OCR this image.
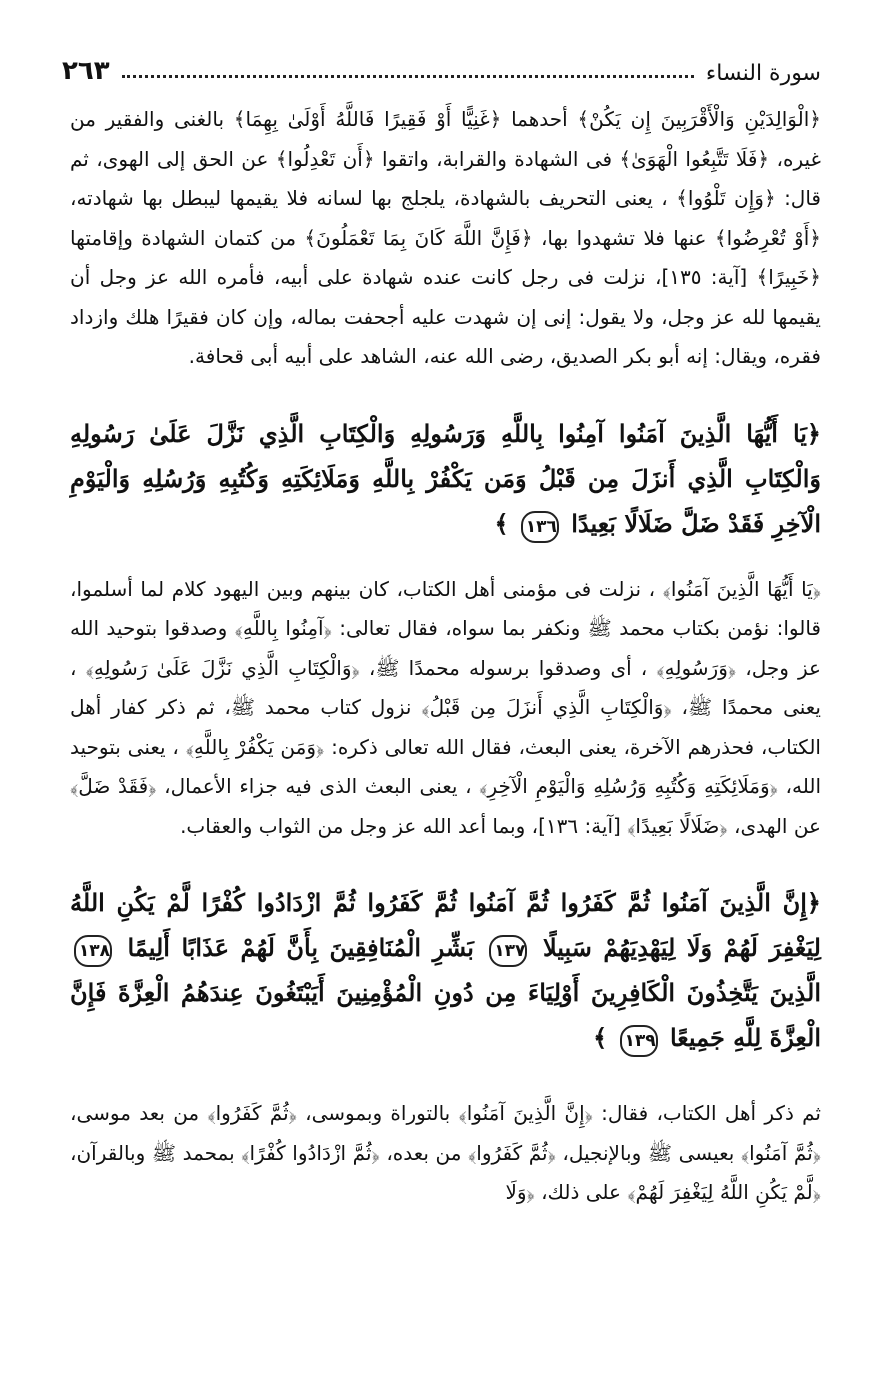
سورة النساء
٢٦٣

﴿الْوَالِدَيْنِ وَالْأَقْرَبِينَ إِن يَكُنْ﴾ أحدهما ﴿غَنِيًّا أَوْ فَقِيرًا فَاللَّهُ أَوْلَىٰ بِهِمَا﴾ بالغنى والفقير من غيره، ﴿فَلَا تَتَّبِعُوا الْهَوَىٰ﴾ فى الشهادة والقرابة، واتقوا ﴿أَن تَعْدِلُوا﴾ عن الحق إلى الهوى، ثم قال: ﴿وَإِن تَلْوُوا﴾ ، يعنى التحريف بالشهادة، يلجلج بها لسانه فلا يقيمها ليبطل بها شهادته، ﴿أَوْ تُعْرِضُوا﴾ عنها فلا تشهدوا بها، ﴿فَإِنَّ اللَّهَ كَانَ بِمَا تَعْمَلُونَ﴾ من كتمان الشهادة وإقامتها ﴿خَبِيرًا﴾ [آية: ١٣٥]، نزلت فى رجل كانت عنده شهادة على أبيه، فأمره الله عز وجل أن يقيمها لله عز وجل، ولا يقول: إنى إن شهدت عليه أجحفت بماله، وإن كان فقيرًا هلك وازداد فقره، ويقال: إنه أبو بكر الصديق، رضى الله عنه، الشاهد على أبيه أبى قحافة.

﴿يَا أَيُّهَا الَّذِينَ آمَنُوا آمِنُوا بِاللَّهِ وَرَسُولِهِ وَالْكِتَابِ الَّذِي نَزَّلَ عَلَىٰ رَسُولِهِ وَالْكِتَابِ الَّذِي أَنزَلَ مِن قَبْلُ وَمَن يَكْفُرْ بِاللَّهِ وَمَلَائِكَتِهِ وَكُتُبِهِ وَرُسُلِهِ وَالْيَوْمِ الْآخِرِ فَقَدْ ضَلَّ ضَلَالًا بَعِيدًا ١٣٦ ﴾

﴿يَا أَيُّهَا الَّذِينَ آمَنُوا﴾ ، نزلت فى مؤمنى أهل الكتاب، كان بينهم وبين اليهود كلام لما أسلموا، قالوا: نؤمن بكتاب محمد ﷺ ونكفر بما سواه، فقال تعالى: ﴿آمِنُوا بِاللَّهِ﴾ وصدقوا بتوحيد الله عز وجل، ﴿وَرَسُولِهِ﴾ ، أى وصدقوا برسوله محمدًا ﷺ، ﴿وَالْكِتَابِ الَّذِي نَزَّلَ عَلَىٰ رَسُولِهِ﴾ ، يعنى محمدًا ﷺ، ﴿وَالْكِتَابِ الَّذِي أَنزَلَ مِن قَبْلُ﴾ نزول كتاب محمد ﷺ، ثم ذكر كفار أهل الكتاب، فحذرهم الآخرة، يعنى البعث، فقال الله تعالى ذكره: ﴿وَمَن يَكْفُرْ بِاللَّهِ﴾ ، يعنى بتوحيد الله، ﴿وَمَلَائِكَتِهِ وَكُتُبِهِ وَرُسُلِهِ وَالْيَوْمِ الْآخِرِ﴾ ، يعنى البعث الذى فيه جزاء الأعمال، ﴿فَقَدْ ضَلَّ﴾ عن الهدى، ﴿ضَلَالًا بَعِيدًا﴾ [آية: ١٣٦]، وبما أعد الله عز وجل من الثواب والعقاب.

﴿إِنَّ الَّذِينَ آمَنُوا ثُمَّ كَفَرُوا ثُمَّ آمَنُوا ثُمَّ كَفَرُوا ثُمَّ ازْدَادُوا كُفْرًا لَّمْ يَكُنِ اللَّهُ لِيَغْفِرَ لَهُمْ وَلَا لِيَهْدِيَهُمْ سَبِيلًا ١٣٧ بَشِّرِ الْمُنَافِقِينَ بِأَنَّ لَهُمْ عَذَابًا أَلِيمًا ١٣٨ الَّذِينَ يَتَّخِذُونَ الْكَافِرِينَ أَوْلِيَاءَ مِن دُونِ الْمُؤْمِنِينَ أَيَبْتَغُونَ عِندَهُمُ الْعِزَّةَ فَإِنَّ الْعِزَّةَ لِلَّهِ جَمِيعًا ١٣٩ ﴾

ثم ذكر أهل الكتاب، فقال: ﴿إِنَّ الَّذِينَ آمَنُوا﴾ بالتوراة وبموسى، ﴿ثُمَّ كَفَرُوا﴾ من بعد موسى، ﴿ثُمَّ آمَنُوا﴾ بعيسى ﷺ وبالإنجيل، ﴿ثُمَّ كَفَرُوا﴾ من بعده، ﴿ثُمَّ ازْدَادُوا كُفْرًا﴾ بمحمد ﷺ وبالقرآن، ﴿لَّمْ يَكُنِ اللَّهُ لِيَغْفِرَ لَهُمْ﴾ على ذلك، ﴿وَلَا
